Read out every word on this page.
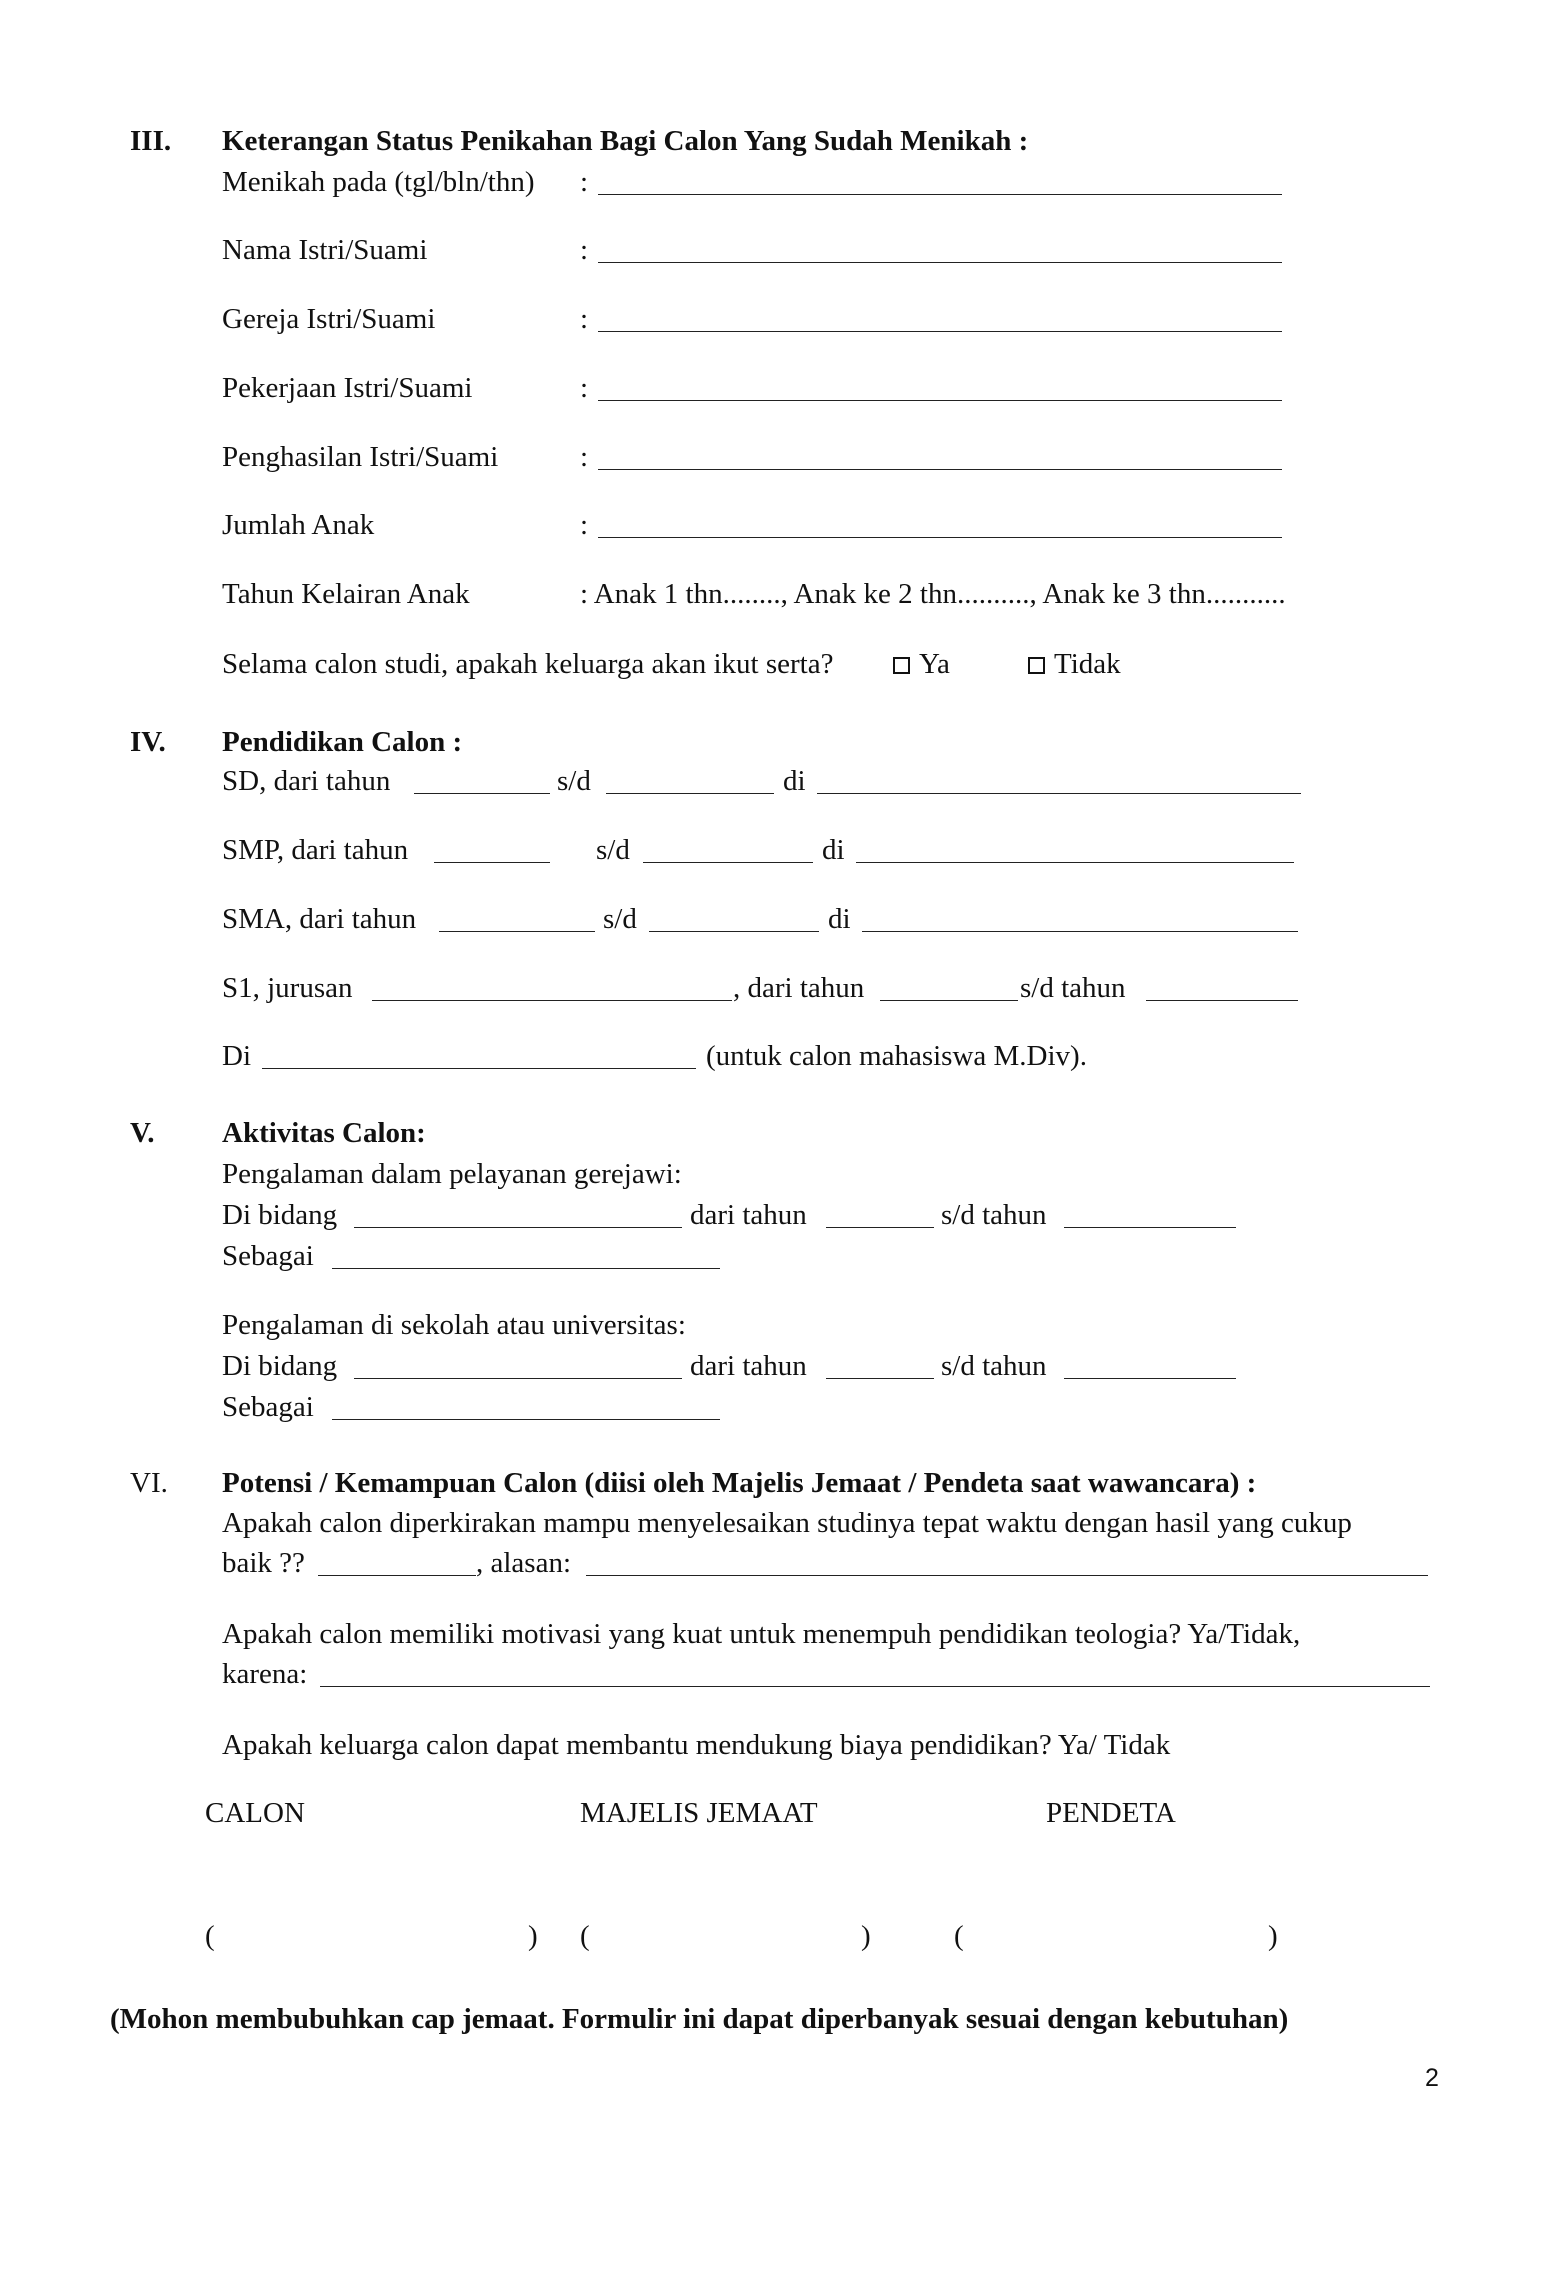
III. Keterangan Status Penikahan Bagi Calon Yang Sudah Menikah :
Menikah pada (tgl/bln/thn) :
Nama Istri/Suami	:
Gereja Istri/Suami	:
Pekerjaan Istri/Suami	:
Penghasilan Istri/Suami	:
Jumlah Anak	:
Tahun Kelairan Anak	: Anak 1 thn........, Anak ke 2 thn.........., Anak ke 3 thn...........
Selama calon studi, apakah keluarga akan ikut serta?	Ya	Tidak
IV. Pendidikan Calon :
SD, dari tahun	s/d	di
SMP, dari tahun	s/d	di
SMA, dari tahun	s/d	di
S1, jurusan	, dari tahun	s/d tahun
Di	(untuk calon mahasiswa M.Div).
V. Aktivitas Calon:
Pengalaman dalam pelayanan gerejawi:
Di bidang	dari tahun	s/d tahun
Sebagai
Pengalaman di sekolah atau universitas:
Di bidang	dari tahun	s/d tahun
Sebagai
VI. Potensi / Kemampuan Calon (diisi oleh Majelis Jemaat / Pendeta saat wawancara) :
Apakah calon diperkirakan mampu menyelesaikan studinya tepat waktu dengan hasil yang cukup
baik ??	, alasan:
Apakah calon memiliki motivasi yang kuat untuk menempuh pendidikan teologia? Ya/Tidak,
karena:
Apakah keluarga calon dapat membantu mendukung biaya pendidikan? Ya/ Tidak
CALON	MAJELIS JEMAAT	PENDETA
(	) (	)	(	)
(Mohon membubuhkan cap jemaat. Formulir ini dapat diperbanyak sesuai dengan kebutuhan)
2
